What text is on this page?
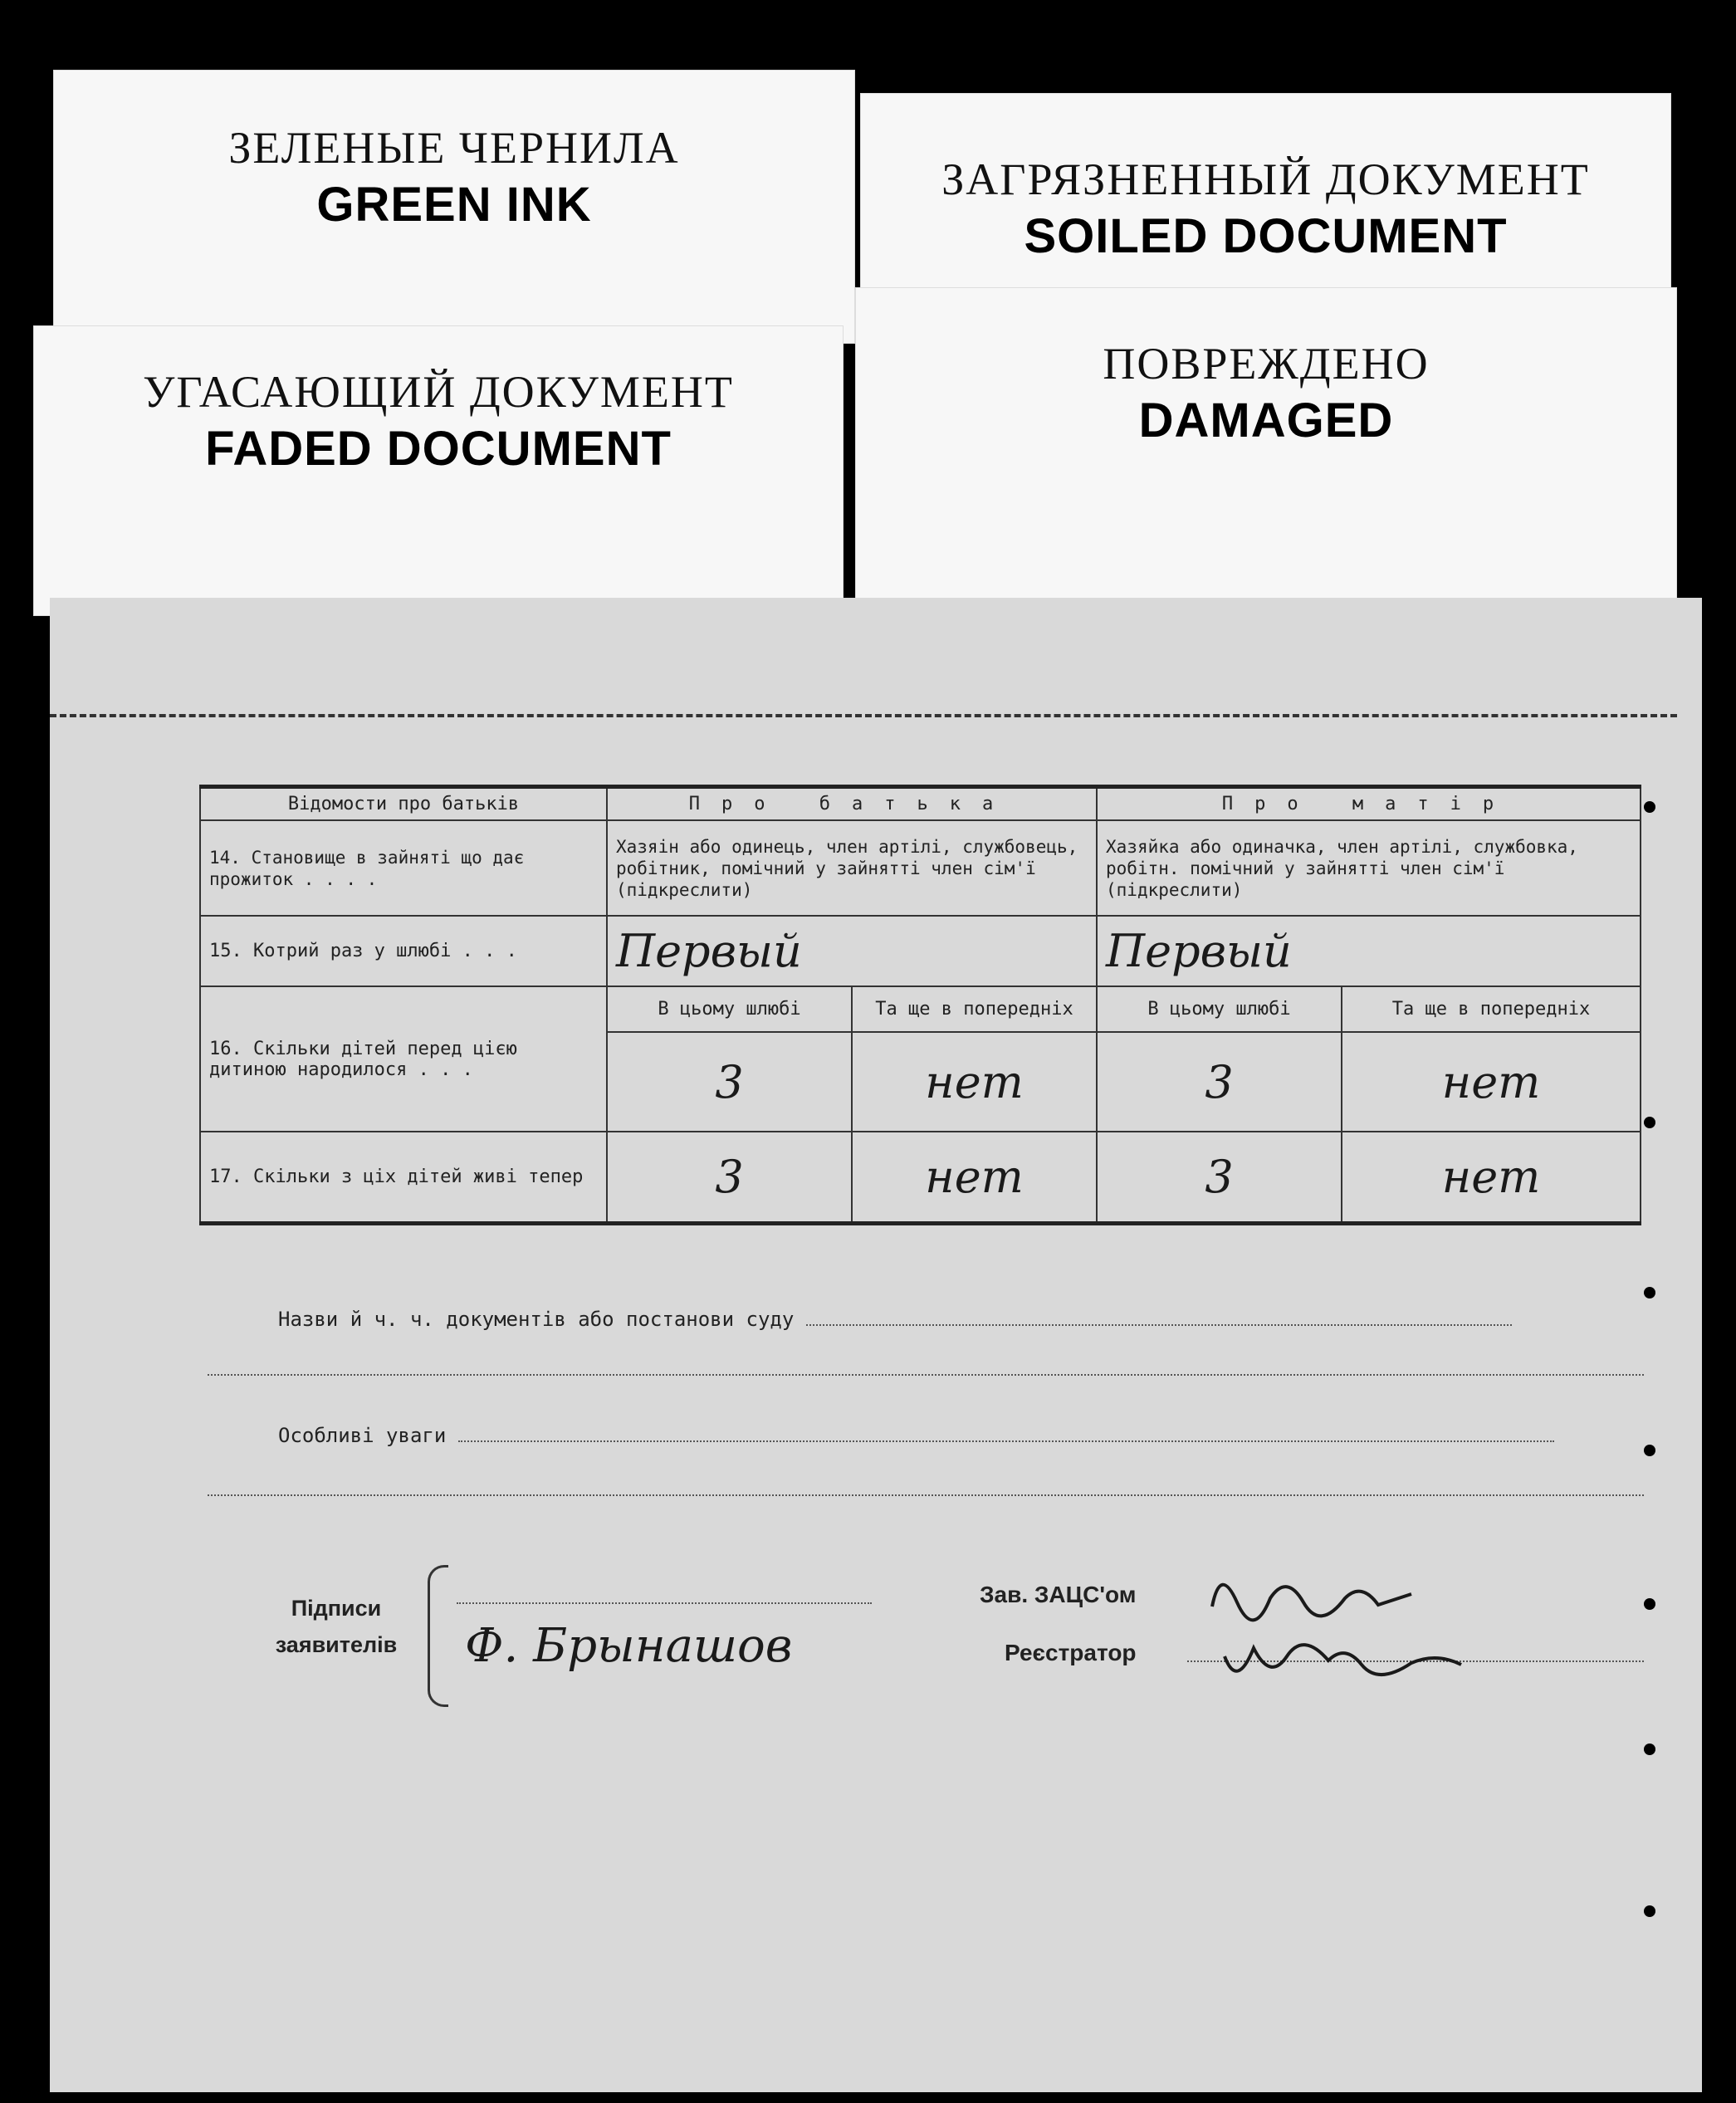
ЗЕЛЕНЫЕ ЧЕРНИЛА
GREEN INK	ЗАГРЯЗНЕННЫЙ ДОКУМЕНТ
SOILED DOCUMENT
УГАСАЮЩИЙ ДОКУМЕНТ
FADED DOCUMENT
ПОВРЕЖДЕНО
DAMAGED
Відомости про батьків	Про батька		Про матір	
14. Становище в зайняті що дає прожиток . . . .	Хазяін або одинець, член артілі, службовець, робітник, помічний у зайнятті член сім'ї (підкреслити)		Хазяйка або одиначка, член артілі, службовка, робітн. помічний у зайнятті член сім'ї (підкреслити)	
15. Котрий раз у шлюбі . . .	Первый		Первый	
16. Скільки дітей перед цією дитиною народилося . . .	В цьому шлюбі	Та ще в попередніх	В цьому шлюбі	Та ще в попередніх
	3	нет	3	нет
17. Скільки з ціх дітей живі тепер	3	нет	3	нет
Назви й ч. ч. документів або постанови суду
Особливі уваги
Підписи заявителів	Ф. Брынашов
Зав. ЗАЦС'ом
Реєстратор
